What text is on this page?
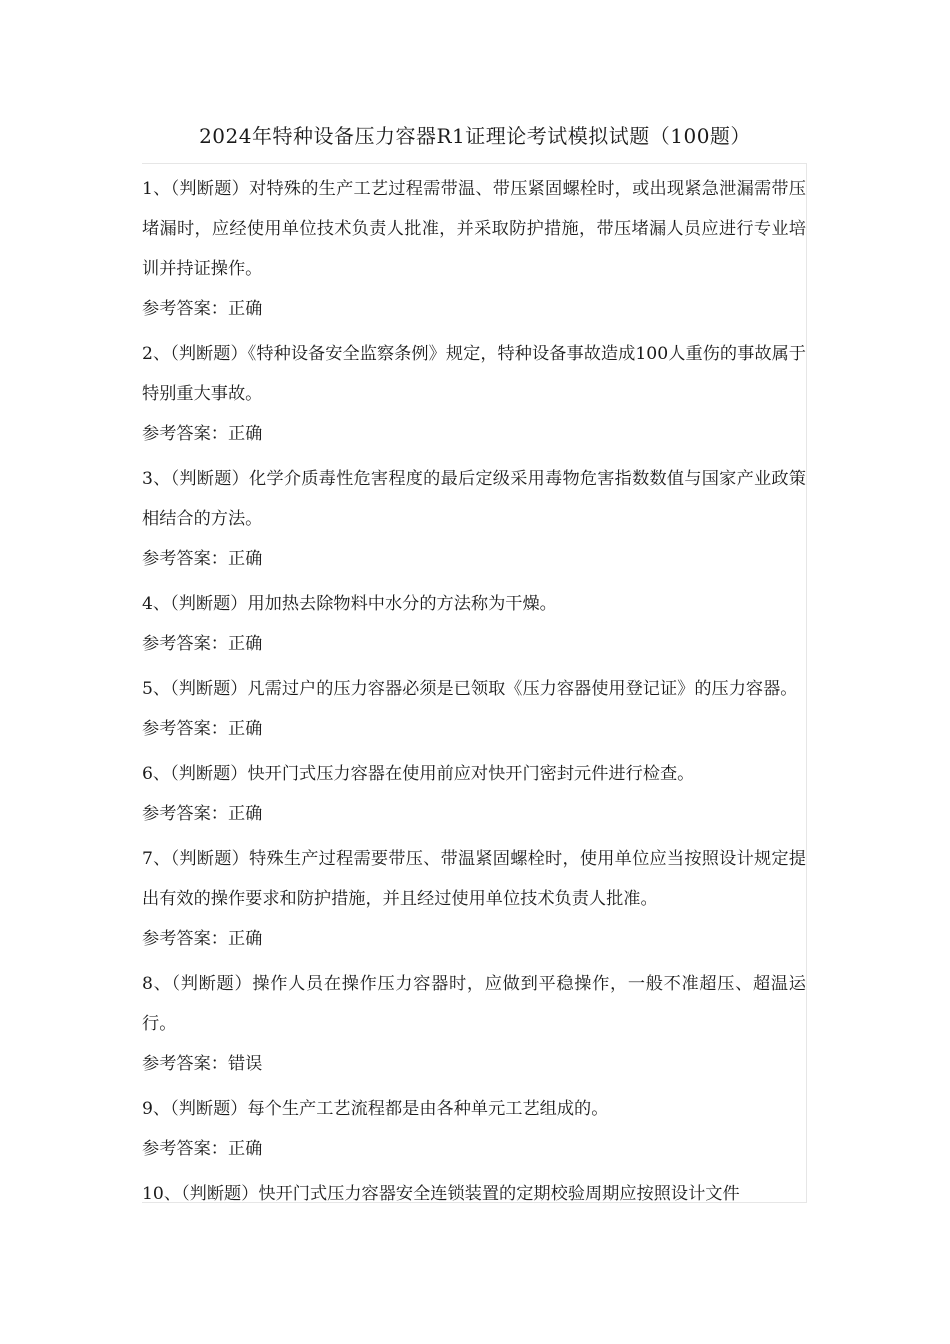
2024年特种设备压力容器R1证理论考试模拟试题（100题）

1、（判断题）对特殊的生产工艺过程需带温、带压紧固螺栓时，或出现紧急泄漏需带压堵漏时，应经使用单位技术负责人批准，并采取防护措施，带压堵漏人员应进行专业培训并持证操作。

参考答案：正确

2、（判断题）《特种设备安全监察条例》规定，特种设备事故造成100人重伤的事故属于特别重大事故。

参考答案：正确

3、（判断题）化学介质毒性危害程度的最后定级采用毒物危害指数数值与国家产业政策相结合的方法。

参考答案：正确

4、（判断题）用加热去除物料中水分的方法称为干燥。

参考答案：正确

5、（判断题）凡需过户的压力容器必须是已领取《压力容器使用登记证》的压力容器。

参考答案：正确

6、（判断题）快开门式压力容器在使用前应对快开门密封元件进行检查。

参考答案：正确

7、（判断题）特殊生产过程需要带压、带温紧固螺栓时，使用单位应当按照设计规定提出有效的操作要求和防护措施，并且经过使用单位技术负责人批准。

参考答案：正确

8、（判断题）操作人员在操作压力容器时，应做到平稳操作，一般不准超压、超温运行。

参考答案：错误

9、（判断题）每个生产工艺流程都是由各种单元工艺组成的。

参考答案：正确

10、（判断题）快开门式压力容器安全连锁装置的定期校验周期应按照设计文件
